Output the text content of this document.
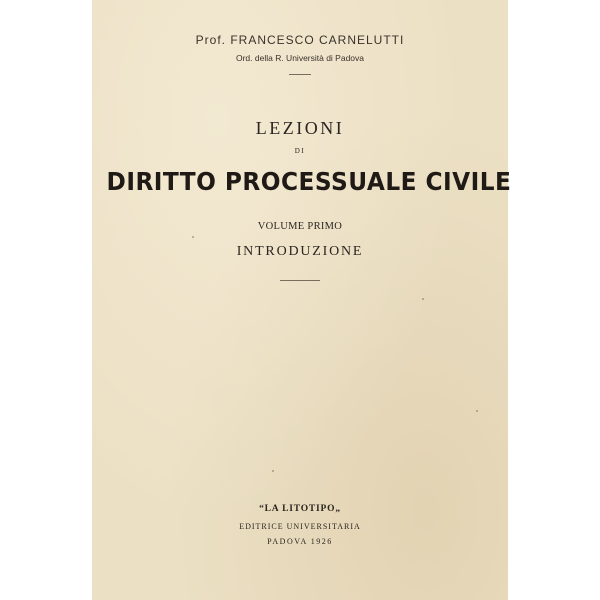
Prof. FRANCESCO CARNELUTTI
Ord. della R. Università di Padova
LEZIONI
DI
DIRITTO PROCESSUALE CIVILE
VOLUME PRIMO
INTRODUZIONE
“LA LITOTIPO„
EDITRICE UNIVERSITARIA
PADOVA 1926
